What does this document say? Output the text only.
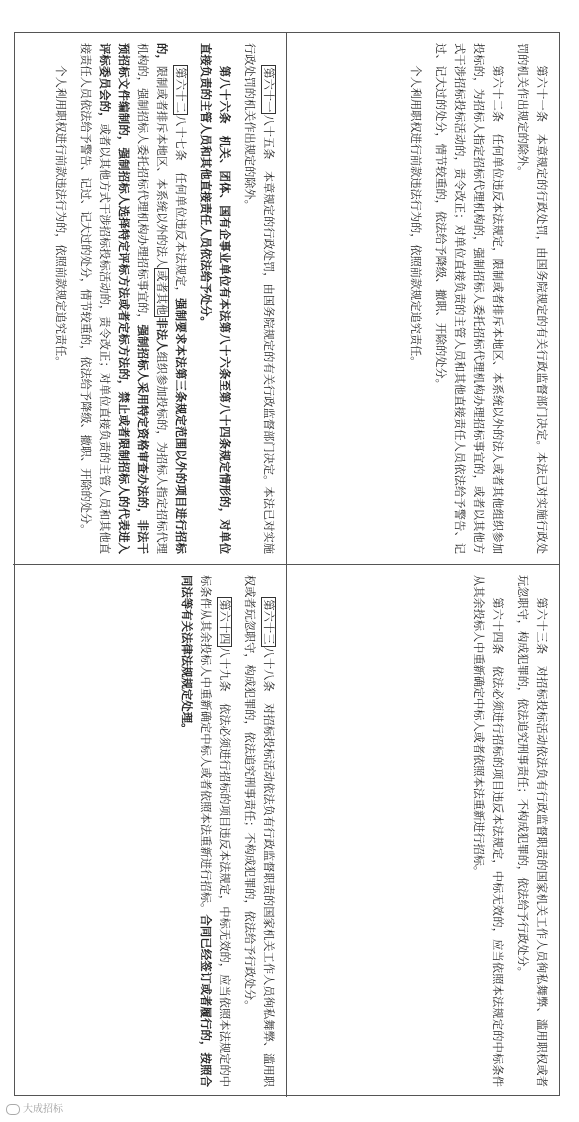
第六十一条　本章规定的行政处罚，由国务院规定的有关行政监督部门决定。本法已对实施行政处罚的机关作出规定的除外。

第六十二条　任何单位违反本法规定，限制或者排斥本地区、本系统以外的法人或者其他组织参加投标的，为招标人指定招标代理机构的，强制招标人委托招标代理机构办理招标事宜的，或者以其他方式干涉招标投标活动的，责令改正；对单位直接负责的主管人员和其他直接责任人员依法给予警告、记过、记大过的处分，情节较重的，依法给予降级、撤职、开除的处分。

个人利用职权进行前款违法行为的，依照前款规定追究责任。

第六十三条　对招标投标活动依法负有行政监督职责的国家机关工作人员徇私舞弊、滥用职权或者玩忽职守，构成犯罪的，依法追究刑事责任；不构成犯罪的，依法给予行政处分。

第六十四条　依法必须进行招标的项目违反本法规定，中标无效的，应当依照本法规定的中标条件从其余投标人中重新确定中标人或者依照本法重新进行招标。

第六十一八十五条　本章规定的行政处罚，由国务院规定的有关行政监督部门决定。本法已对实施行政处罚的机关作出规定的除外。

第八十六条　机关、团体、国有企事业单位有本法第八十六条至第八十四条规定情形的，对单位直接负责的主管人员和其他直接责任人员依法给予处分。

第六十二八十七条　任何单位违反本法规定，强制要求本法第三条规定范围以外的项目进行招标的，限制或者排斥本地区、本系统以外的法人或者其他非法人组织参加投标的，为招标人指定招标代理机构的，强制招标人委托招标代理机构办理招标事宜的，强制招标人采用特定资格审查办法的，非法干预招标文件编制的，强制招标人选择特定评标方法或者定标方法的，禁止或者限制招标人的代表进入评标委员会的，或者以其他方式干涉招标投标活动的，责令改正；对单位直接负责的主管人员和其他直接责任人员依法给予警告、记过、记大过的处分，情节较重的，依法给予降级、撤职、开除的处分。

个人利用职权进行前款违法行为的，依照前款规定追究责任。

第六十三八十八条　对招标投标活动依法负有行政监督职责的国家机关工作人员徇私舞弊、滥用职权或者玩忽职守，构成犯罪的，依法追究刑事责任；不构成犯罪的，依法给予行政处分。

第六十四八十九条　依法必须进行招标的项目违反本法规定，中标无效的，应当依照本法规定的中标条件从其余投标人中重新确定中标人或者依照本法重新进行招标。合同已经签订或者履行的，按照合同法等有关法律法规规定处理。

大成招标
